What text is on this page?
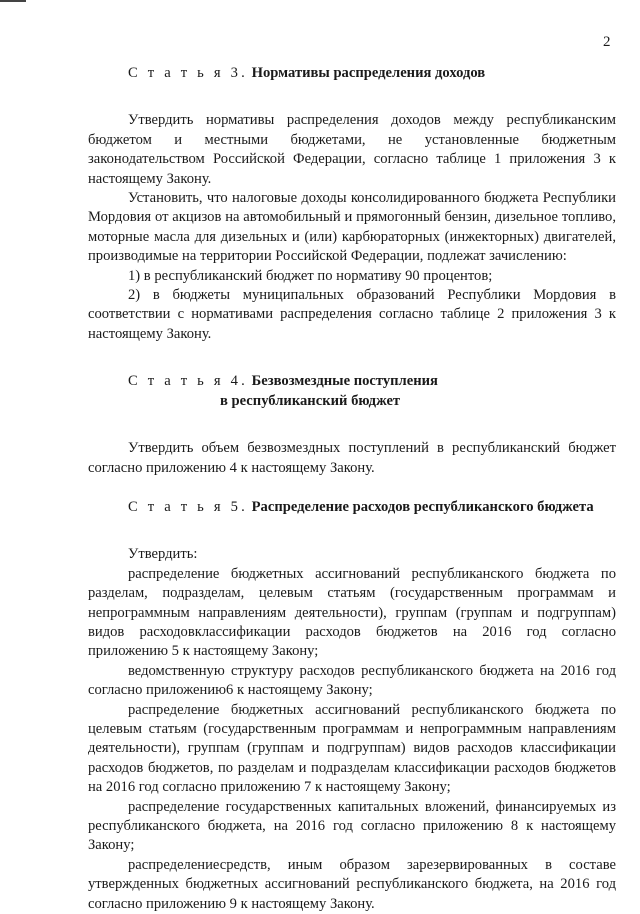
2
С т а т ь я 3. Нормативы распределения доходов

Утвердить нормативы распределения доходов между республиканским бюджетом и местными бюджетами, не установленные бюджетным законодательством Российской Федерации, согласно таблице 1 приложения 3 к настоящему Закону.

Установить, что налоговые доходы консолидированного бюджета Республики Мордовия от акцизов на автомобильный и прямогонный бензин, дизельное топливо, моторные масла для дизельных и (или) карбюраторных (инжекторных) двигателей, производимые на территории Российской Федерации, подлежат зачислению:

1) в республиканский бюджет по нормативу 90 процентов;

2) в бюджеты муниципальных образований Республики Мордовия в соответствии с нормативами распределения согласно таблице 2 приложения 3 к настоящему Закону.

С т а т ь я 4. Безвозмездные поступления
в республиканский бюджет

Утвердить объем безвозмездных поступлений в республиканский бюджет согласно приложению 4 к настоящему Закону.

С т а т ь я 5. Распределение расходов республиканского бюджета

Утвердить:

распределение бюджетных ассигнований республиканского бюджета по разделам, подразделам, целевым статьям (государственным программам и непрограммным направлениям деятельности), группам (группам и подгруппам) видов расходовклассификации расходов бюджетов на 2016 год согласно приложению 5 к настоящему Закону;

ведомственную структуру расходов республиканского бюджета на 2016 год согласно приложению6 к настоящему Закону;

распределение бюджетных ассигнований республиканского бюджета по целевым статьям (государственным программам и непрограммным направлениям деятельности), группам (группам и подгруппам) видов расходов классификации расходов бюджетов, по разделам и подразделам классификации расходов бюджетов на 2016 год согласно приложению 7 к настоящему Закону;

распределение государственных капитальных вложений, финансируемых из республиканского бюджета, на 2016 год согласно приложению 8 к настоящему Закону;

распределениесредств, иным образом зарезервированных в составе утвержденных бюджетных ассигнований республиканского бюджета, на 2016 год согласно приложению 9 к настоящему Закону.
